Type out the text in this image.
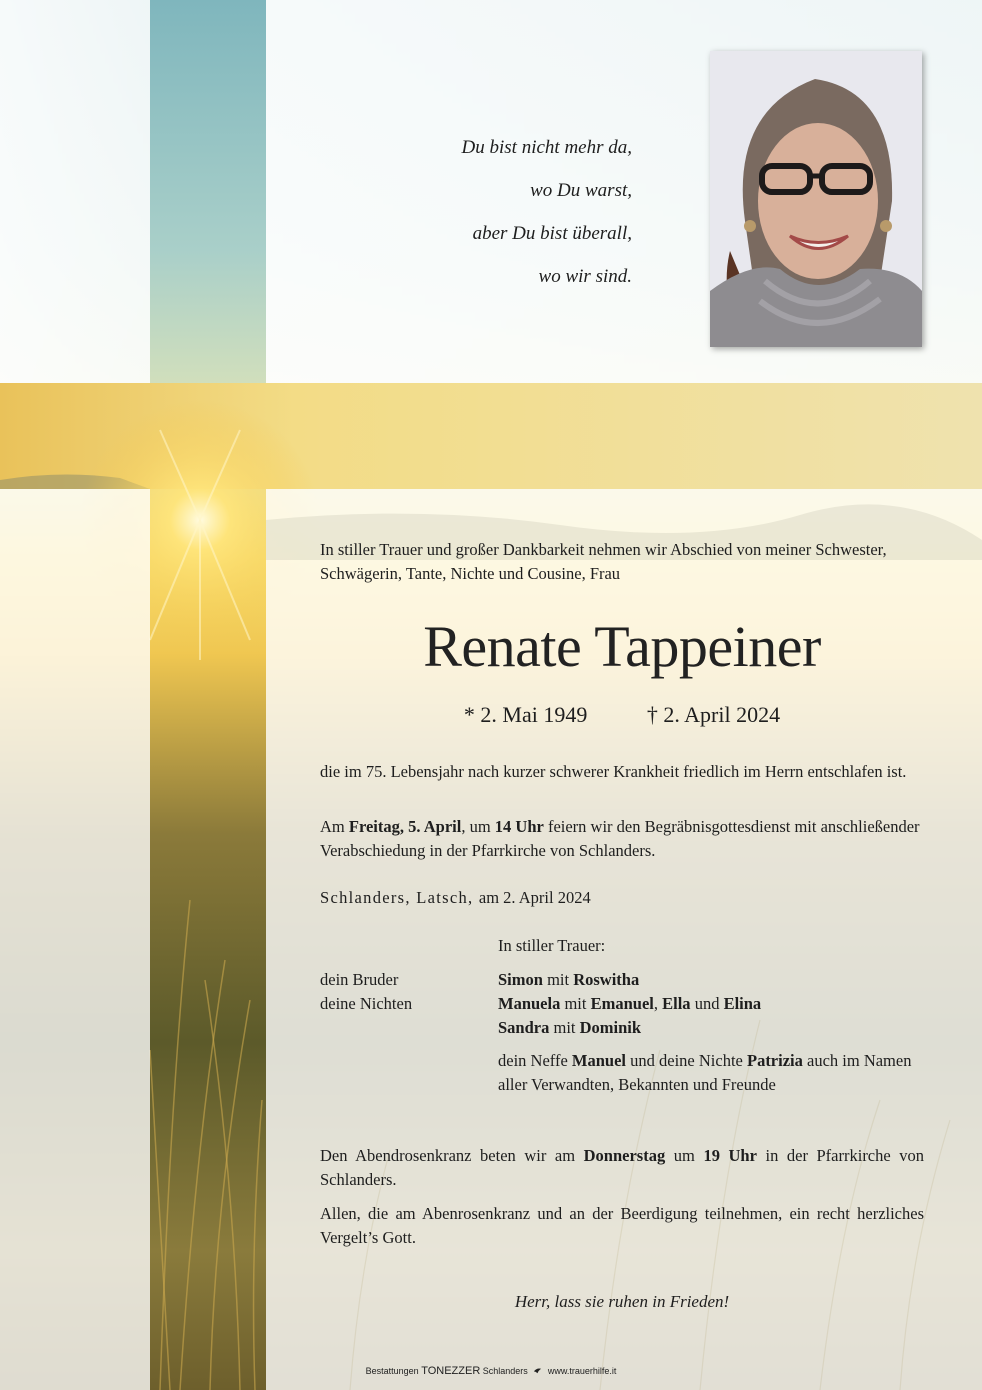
Du bist nicht mehr da,
wo Du warst,
aber Du bist überall,
wo wir sind.
In stiller Trauer und großer Dankbarkeit nehmen wir Abschied von meiner Schwester, Schwägerin, Tante, Nichte und Cousine, Frau
Renate Tappeiner
* 2. Mai 1949	† 2. April 2024
die im 75. Lebensjahr nach kurzer schwerer Krankheit friedlich im Herrn entschlafen ist.
Am Freitag, 5. April, um 14 Uhr feiern wir den Begräbnisgottesdienst mit anschließender Verabschiedung in der Pfarrkirche von Schlanders.
Schlanders, Latsch, am 2. April 2024
dein Bruder
deine Nichten
In stiller Trauer:
Simon mit Roswitha
Manuela mit Emanuel, Ella und Elina
Sandra mit Dominik
dein Neffe Manuel und deine Nichte Patrizia auch im Namen aller Verwandten, Bekannten und Freunde
Den Abendrosenkranz beten wir am Donnerstag um 19 Uhr in der Pfarrkirche von Schlanders.
Allen, die am Abenrosenkranz und an der Beerdigung teilnehmen, ein recht herzliches Vergelt’s Gott.
Herr, lass sie ruhen in Frieden!
Bestattungen TONEZZER Schlanders www.trauerhilfe.it
